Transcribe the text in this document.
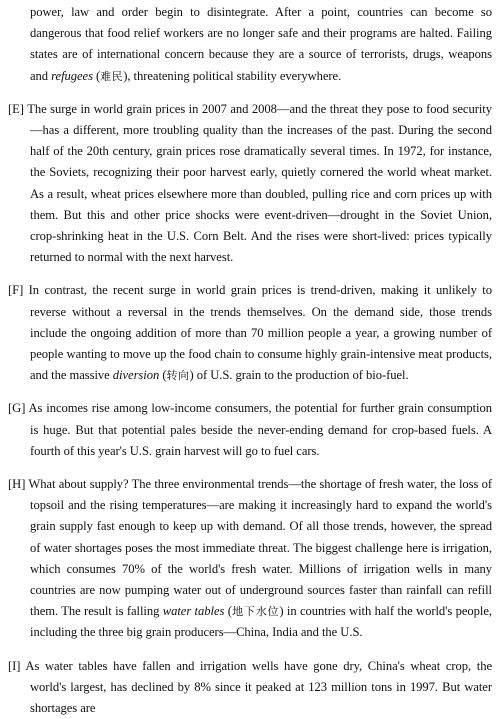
power, law and order begin to disintegrate. After a point, countries can become so dangerous that food relief workers are no longer safe and their programs are halted. Failing states are of international concern because they are a source of terrorists, drugs, weapons and refugees (难民), threatening political stability everywhere.

[E] The surge in world grain prices in 2007 and 2008—and the threat they pose to food security—has a different, more troubling quality than the increases of the past. During the second half of the 20th century, grain prices rose dramatically several times. In 1972, for instance, the Soviets, recognizing their poor harvest early, quietly cornered the world wheat market. As a result, wheat prices elsewhere more than doubled, pulling rice and corn prices up with them. But this and other price shocks were event-driven—drought in the Soviet Union, crop-shrinking heat in the U.S. Corn Belt. And the rises were short-lived: prices typically returned to normal with the next harvest.

[F] In contrast, the recent surge in world grain prices is trend-driven, making it unlikely to reverse without a reversal in the trends themselves. On the demand side, those trends include the ongoing addition of more than 70 million people a year, a growing number of people wanting to move up the food chain to consume highly grain-intensive meat products, and the massive diversion (转向) of U.S. grain to the production of bio-fuel.

[G] As incomes rise among low-income consumers, the potential for further grain consumption is huge. But that potential pales beside the never-ending demand for crop-based fuels. A fourth of this year's U.S. grain harvest will go to fuel cars.

[H] What about supply? The three environmental trends—the shortage of fresh water, the loss of topsoil and the rising temperatures—are making it increasingly hard to expand the world's grain supply fast enough to keep up with demand. Of all those trends, however, the spread of water shortages poses the most immediate threat. The biggest challenge here is irrigation, which consumes 70% of the world's fresh water. Millions of irrigation wells in many countries are now pumping water out of underground sources faster than rainfall can refill them. The result is falling water tables (地下水位) in countries with half the world's people, including the three big grain producers—China, India and the U.S.

[I] As water tables have fallen and irrigation wells have gone dry, China's wheat crop, the world's largest, has declined by 8% since it peaked at 123 million tons in 1997. But water shortages are
